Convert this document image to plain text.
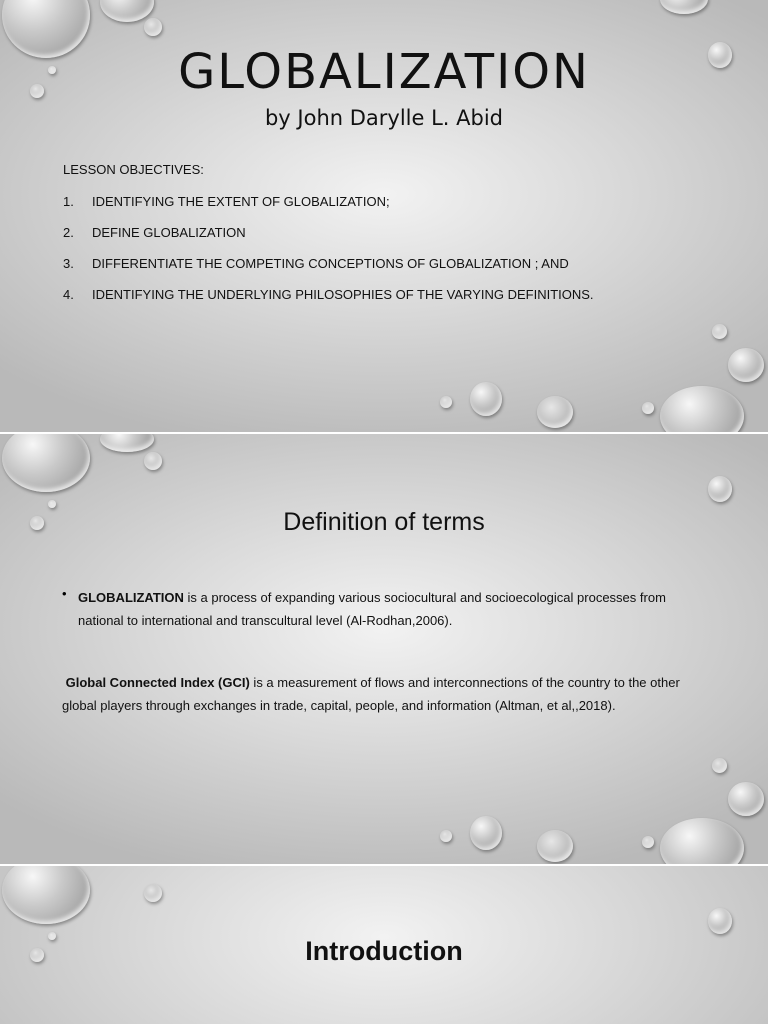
GLOBALIZATION
by John Darylle L. Abid
LESSON OBJECTIVES:
1. IDENTIFYING THE EXTENT OF GLOBALIZATION;
2. DEFINE GLOBALIZATION
3. DIFFERENTIATE THE COMPETING CONCEPTIONS OF GLOBALIZATION ; AND
4. IDENTIFYING THE UNDERLYING PHILOSOPHIES OF THE VARYING DEFINITIONS.
Definition of terms
• GLOBALIZATION is a process of expanding various sociocultural and socioecological processes from national to international and transcultural level (Al-Rodhan,2006).
Global Connected Index (GCI) is a measurement of flows and interconnections of the country to the other global players through exchanges in trade, capital, people, and information (Altman, et al,,2018).
Introduction
